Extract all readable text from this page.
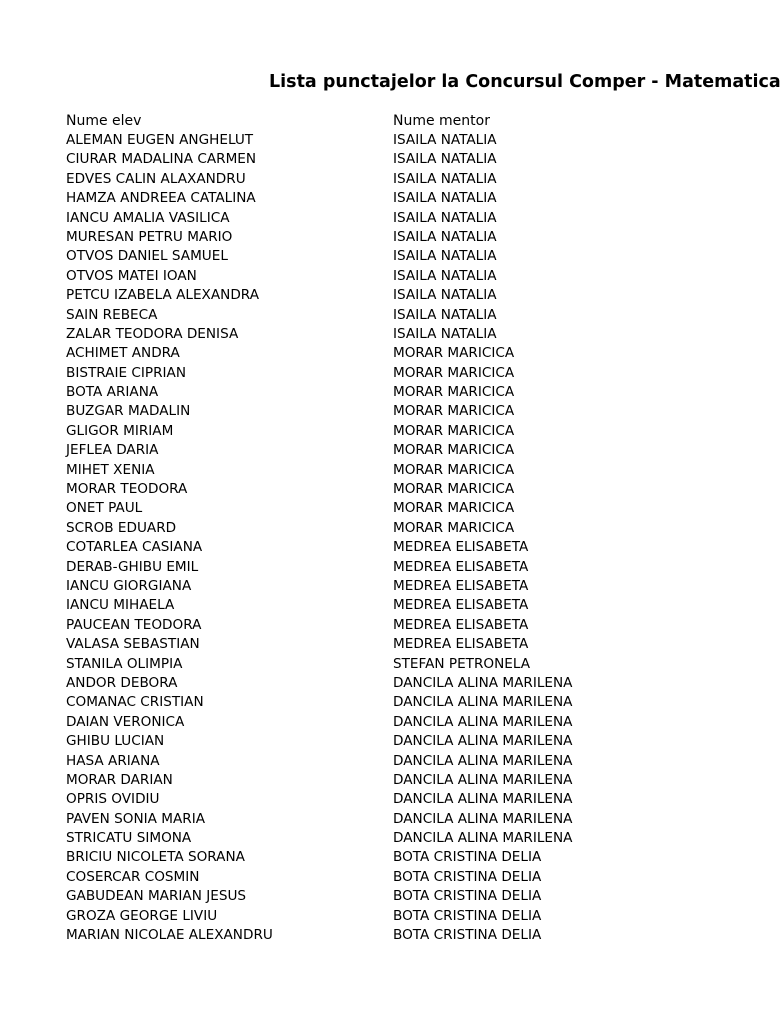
Lista punctajelor la Concursul Comper - Matematica
Nume elev	Nume mentor
ALEMAN EUGEN ANGHELUT	ISAILA NATALIA
CIURAR MADALINA CARMEN	ISAILA NATALIA
EDVES CALIN ALAXANDRU	ISAILA NATALIA
HAMZA ANDREEA CATALINA	ISAILA NATALIA
IANCU AMALIA VASILICA	ISAILA NATALIA
MURESAN PETRU MARIO	ISAILA NATALIA
OTVOS DANIEL SAMUEL	ISAILA NATALIA
OTVOS MATEI IOAN	ISAILA NATALIA
PETCU IZABELA ALEXANDRA	ISAILA NATALIA
SAIN REBECA	ISAILA NATALIA
ZALAR TEODORA DENISA	ISAILA NATALIA
ACHIMET ANDRA	MORAR MARICICA
BISTRAIE CIPRIAN	MORAR MARICICA
BOTA ARIANA	MORAR MARICICA
BUZGAR MADALIN	MORAR MARICICA
GLIGOR MIRIAM	MORAR MARICICA
JEFLEA DARIA	MORAR MARICICA
MIHET XENIA	MORAR MARICICA
MORAR TEODORA	MORAR MARICICA
ONET PAUL	MORAR MARICICA
SCROB EDUARD	MORAR MARICICA
COTARLEA CASIANA	MEDREA ELISABETA
DERAB-GHIBU EMIL	MEDREA ELISABETA
IANCU GIORGIANA	MEDREA ELISABETA
IANCU MIHAELA	MEDREA ELISABETA
PAUCEAN TEODORA	MEDREA ELISABETA
VALASA SEBASTIAN	MEDREA ELISABETA
STANILA OLIMPIA	STEFAN PETRONELA
ANDOR DEBORA	DANCILA ALINA MARILENA
COMANAC CRISTIAN	DANCILA ALINA MARILENA
DAIAN VERONICA	DANCILA ALINA MARILENA
GHIBU LUCIAN	DANCILA ALINA MARILENA
HASA ARIANA	DANCILA ALINA MARILENA
MORAR DARIAN	DANCILA ALINA MARILENA
OPRIS OVIDIU	DANCILA ALINA MARILENA
PAVEN SONIA MARIA	DANCILA ALINA MARILENA
STRICATU SIMONA	DANCILA ALINA MARILENA
BRICIU NICOLETA SORANA	BOTA CRISTINA DELIA
COSERCAR COSMIN	BOTA CRISTINA DELIA
GABUDEAN MARIAN JESUS	BOTA CRISTINA DELIA
GROZA GEORGE LIVIU	BOTA CRISTINA DELIA
MARIAN NICOLAE ALEXANDRU	BOTA CRISTINA DELIA
